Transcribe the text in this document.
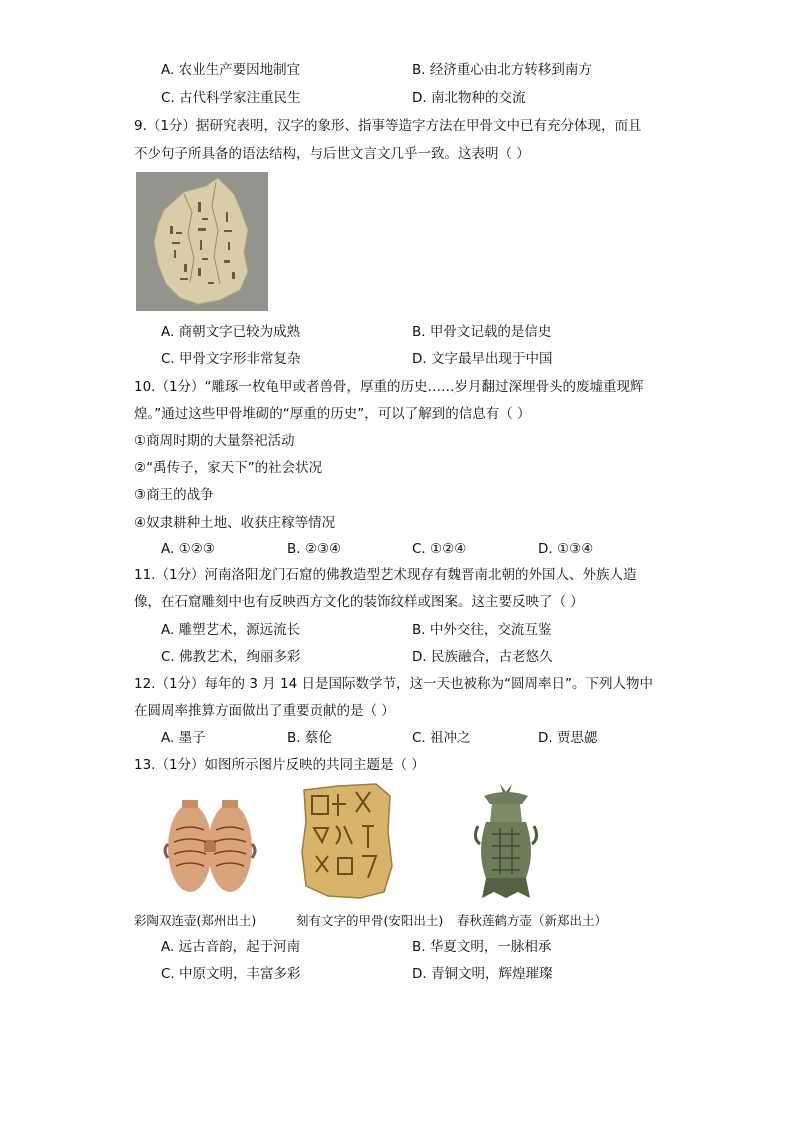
A. 农业生产要因地制宜	B. 经济重心由北方转移到南方
C. 古代科学家注重民生	D. 南北物种的交流
9.（1分）据研究表明，汉字的象形、指事等造字方法在甲骨文中已有充分体现，而且
不少句子所具备的语法结构，与后世文言文几乎一致。这表明（ ）
A. 商朝文字已较为成熟	B. 甲骨文记载的是信史
C. 甲骨文字形非常复杂	D. 文字最早出现于中国
10.（1分）“雕琢一枚龟甲或者兽骨，厚重的历史……岁月翻过深埋骨头的废墟重现辉
煌。”通过这些甲骨堆砌的“厚重的历史”，可以了解到的信息有（ ）
①商周时期的大量祭祀活动
②“禹传子，家天下”的社会状况
③商王的战争
④奴隶耕种土地、收获庄稼等情况
A. ①②③	B. ②③④	C. ①②④	D. ①③④
11.（1分）河南洛阳龙门石窟的佛教造型艺术现存有魏晋南北朝的外国人、外族人造
像，在石窟雕刻中也有反映西方文化的装饰纹样或图案。这主要反映了（ ）
A. 雕塑艺术，源远流长	B. 中外交往，交流互鉴
C. 佛教艺术，绚丽多彩	D. 民族融合，古老悠久
12.（1分）每年的 3 月 14 日是国际数学节，这一天也被称为“圆周率日”。下列人物中
在圆周率推算方面做出了重要贡献的是（ ）
A. 墨子	B. 蔡伦	C. 祖冲之	D. 贾思勰
13.（1分）如图所示图片反映的共同主题是（ ）
彩陶双连壶(郑州出土)	刻有文字的甲骨(安阳出土) 春秋莲鹤方壶（新郑出土）
A. 远古音韵，起于河南	B. 华夏文明，一脉相承
C. 中原文明，丰富多彩	D. 青铜文明，辉煌璀璨
